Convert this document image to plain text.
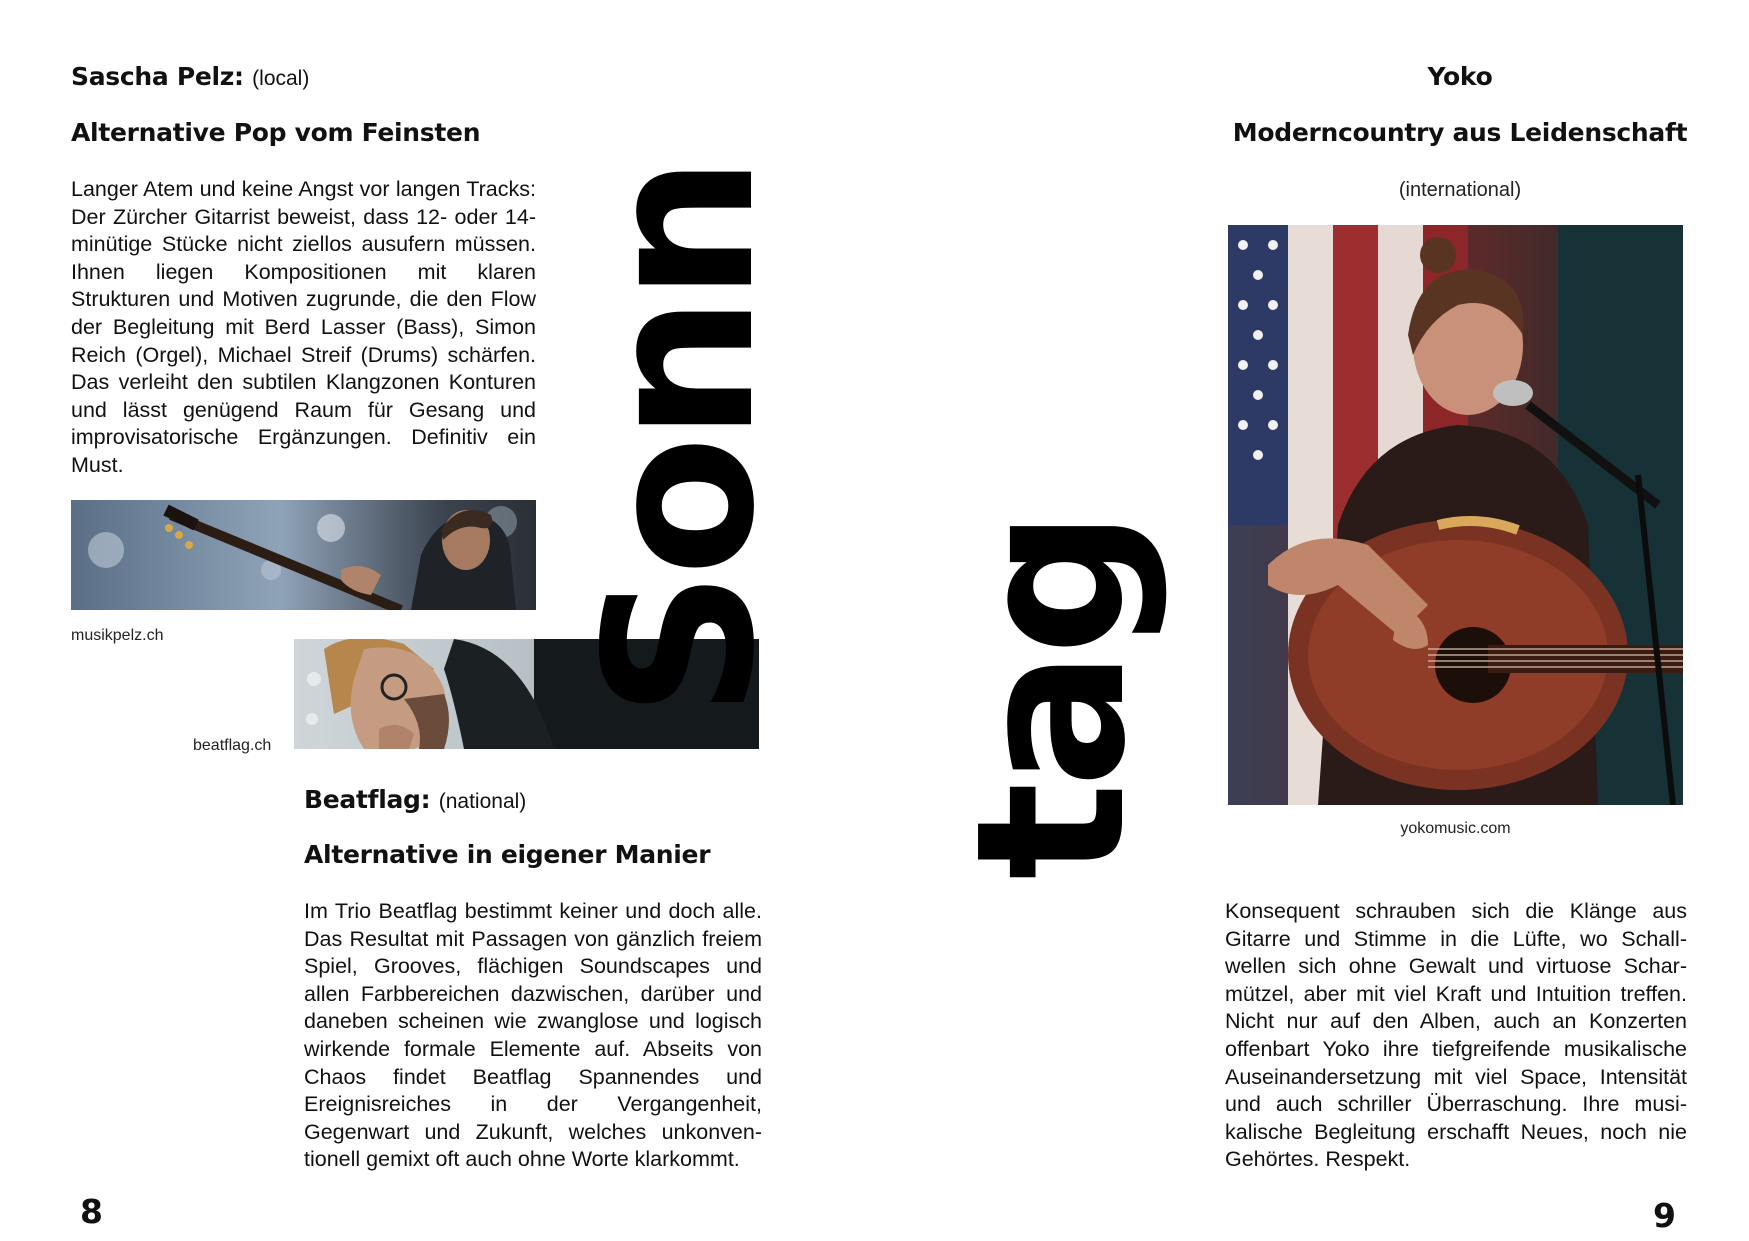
Sascha Pelz: (local)
Alternative Pop vom Feinsten
Langer Atem und keine Angst vor langen Tracks: Der Zürcher Gitarrist beweist, dass 12- oder 14-minütige Stücke nicht ziellos ausufern müssen. Ihnen liegen Kompositionen mit klaren Strukturen und Motiven zugrunde, die den Flow der Begleitung mit Berd Lasser (Bass), Simon Reich (Orgel), Michael Streif (Drums) schärfen. Das verleiht den subtilen Klangzonen Konturen und lässt genügend Raum für Gesang und improvisatorische Ergänzungen. Definitiv ein Must.
musikpelz.ch
beatflag.ch
Beatflag: (national)
Alternative in eigener Manier
Im Trio Beatflag bestimmt keiner und doch alle. Das Resultat mit Passagen von gänzlich freiem Spiel, Grooves, flächigen Soundscapes und allen Farbbereichen dazwischen, darüber und daneben scheinen wie zwanglose und logisch wirkende formale Elemente auf. Abseits von Chaos findet Beatflag Spannendes und Ereignisreiches in der Vergangenheit, Gegenwart und Zukunft, welches unkonventionell gemixt oft auch ohne Worte klarkommt.
Sonn
8
Yoko
Moderncountry aus Leidenschaft
(international)
yokomusic.com
Konsequent schrauben sich die Klänge aus Gitarre und Stimme in die Lüfte, wo Schallwellen sich ohne Gewalt und virtuose Scharmützel, aber mit viel Kraft und Intuition treffen. Nicht nur auf den Alben, auch an Konzerten offenbart Yoko ihre tiefgreifende musikalische Auseinandersetzung mit viel Space, Intensität und auch schriller Überraschung. Ihre musikalische Begleitung erschafft Neues, noch nie Gehörtes. Respekt.
tag
9
